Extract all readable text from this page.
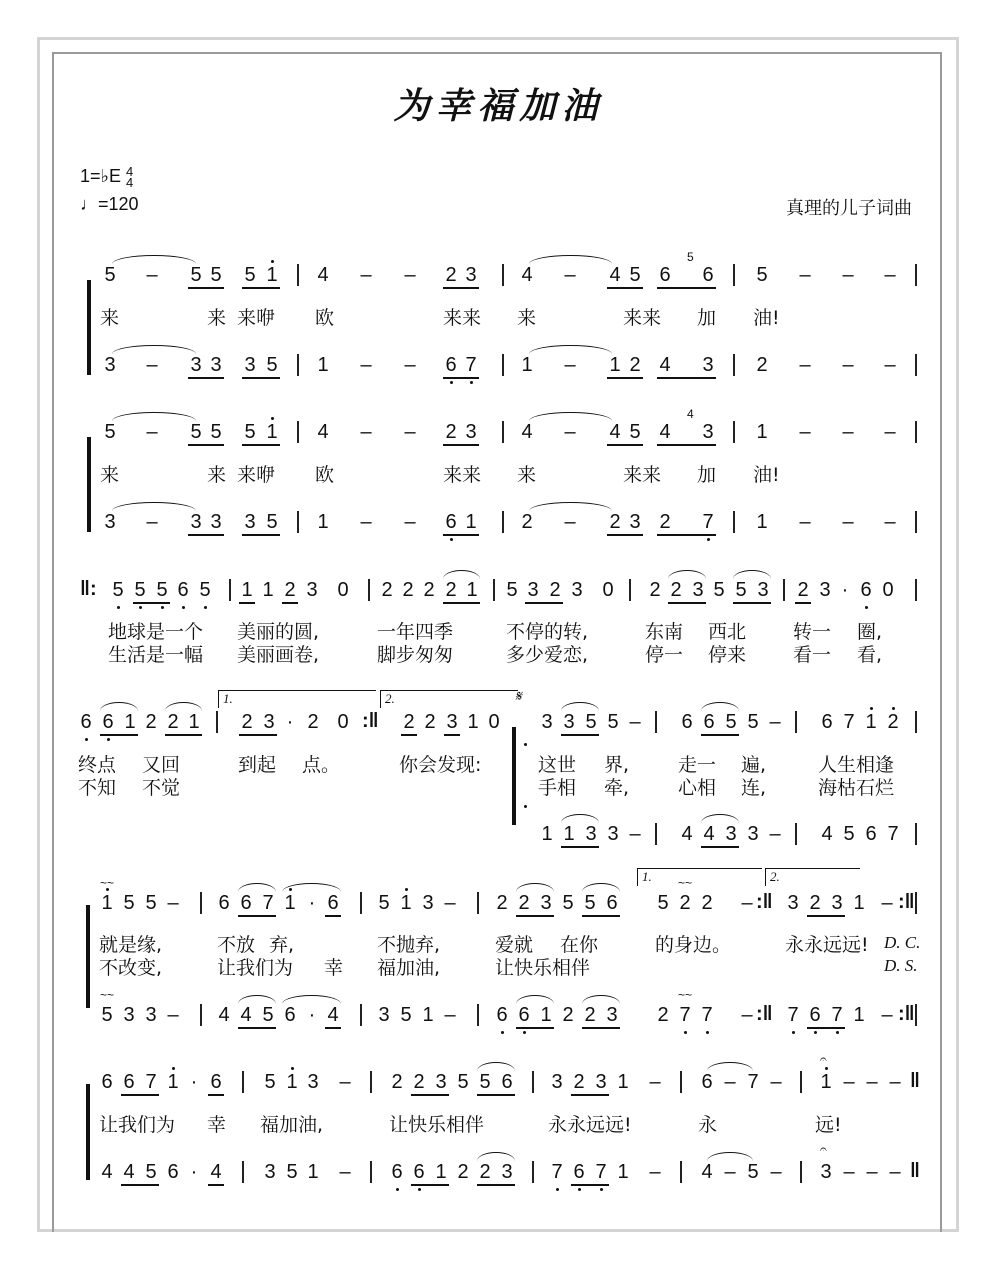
为幸福加油
1=♭E 4
4
♩=120	真理的儿子词曲
5 – 5 5 5 1 4 – – 2 3 4 – 4 5 6 6 5 – – –
5
来	来 来咿 欧	来来 来	来来 加 油!
3 – 3 3 3 5 1 – – 6 7 1 – 1 2 4 3 2 – – –
5 – 5 5 5 1 4 – – 2 3 4 – 4 5 4 3 1 – – –
4
来	来 来咿 欧	来来 来	来来 加 油!
3 – 3 3 3 5 1 – – 6 1 2 – 2 3 2 7 1 – – –
‖: 5 5 5 6 5 1 1 2 3 0 2 2 2 2 1 5 3 2 3 0 2 2 3 5 5 3 2 3 · 6 0
地球是一个 美丽的圆,	一年四季	不停的转,	东南 西北 转一 圈,
生活是一幅 美丽画卷,	脚步匆匆	多少爱恋,	停一 停来 看一 看,
6 6 1 2 2 1 2 3 · 2 0	2 2 3 1 0 3 3 5 5 – 6 6 5 5 – 6 7 1 2
:‖
1.	2.	𝄋
终点 又回	到起 点。	你会发现:	这世 界,	走一 遍,	人生相逢
不知 不觉	手相 牵,	心相 连,	海枯石烂
1 1 3 3 – 4 4 3 3 – 4 5 6 7
1 5 5 – 6 6 7 1 · 6 5 1 3 – 2 2 3 5 5 6 5 2 2 – 3 2 3 1 –
~~	~~
:‖	:‖
1.	2.
就是缘,	不放 弃,	不抛弃,	爱就 在你	的身边。	永永远远!
不改变,	让我们为 幸 福加油,	让快乐相伴
D. C.
D. S.
5 3 3 – 4 4 5 6 · 4 3 5 1 – 6 6 1 2 2 3 2 7 7 – 7 6 7 1 –
~~	~~
:‖	:‖
6 6 7 1 · 6 5 1 3 – 2 2 3 5 5 6 3 2 3 1 – 6 – 7 – 1 – – –
𝄐
‖
让我们为 幸 福加油,	让快乐相伴	永永远远!	永	远!
4 4 5 6 · 4 3 5 1 – 6 6 1 2 2 3 7 6 7 1 – 4 – 5 – 3 – – –
𝄐
‖
